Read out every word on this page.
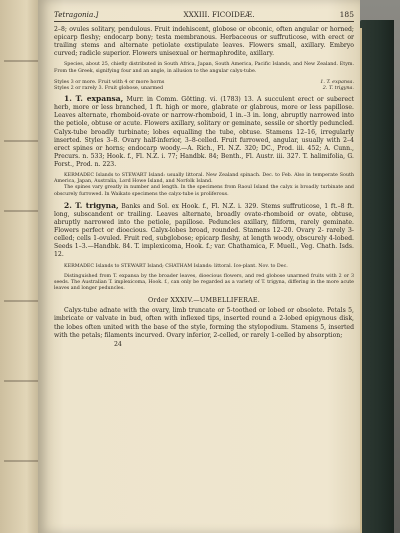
Tetragonia.]	XXXIII. FICOIDEÆ.	185

2–8; ovules solitary, pendulous. Fruit indehiscent, globose or obconic, often angular or horned; epicarp fleshy; endocarp bony; testa membranous. Herbaceous or suffruticose, with erect or trailing stems and alternate petiolate exstipulate leaves. Flowers small, axillary. Embryo curved; radicle superior. Flowers unisexual or hermaphrodite, axillary.

Species, about 25, chiefly distributed in South Africa, Japan, South America, Pacific Islands, and New Zealand. Etym. From the Greek, signifying four and an angle, in allusion to the angular calyx-tube.

Styles 3 or more. Fruit with 4 or more horns	1. T. expansa.
Styles 2 or rarely 3. Fruit globose, unarmed	2. T. trigyna.

1. T. expansa, Murr. in Comm. Götting. vi. (1783) 13. A succulent erect or suberect herb, more or less branched, 1 ft. high or more, glabrate or glabrous, more or less papillose. Leaves alternate, rhomboid-ovate or narrow-rhomboid, 1 in.–3 in. long, abruptly narrowed into the petiole, obtuse or acute. Flowers axillary, solitary or geminate, sessile or shortly peduncled. Calyx-tube broadly turbinate; lobes equalling the tube, obtuse. Stamens 12–16, irregularly inserted. Styles 3–8. Ovary half-inferior, 3–8-celled. Fruit furrowed, angular, usually with 2–4 erect spines or horns; endocarp woody.—A. Rich., Fl. N.Z. 320; DC., Prod. iii. 452; A. Cunn., Precurs. n. 533; Hook. f., Fl. N.Z. i. 77; Handbk. 84; Benth., Fl. Austr. iii. 327. T. halimifolia, G. Forst., Prod. n. 223.

KERMADEC Islands to STEWART Island: usually littoral. New Zealand spinach. Dec. to Feb. Also in temperate South America, Japan, Australia, Lord Howe Island, and Norfolk Island.

The spines vary greatly in number and length. In the specimens from Raoul Island the calyx is broadly turbinate and obscurely furrowed. In Waikato specimens the calyx-tube is proliferous.

2. T. trigyna, Banks and Sol. ex Hook. f., Fl. N.Z. i. 329. Stems suffruticose, 1 ft.–8 ft. long, subscandent or trailing. Leaves alternate, broadly ovate-rhomboid or ovate, obtuse, abruptly narrowed into the petiole, papillose. Peduncles axillary, filiform, rarely geminate. Flowers perfect or dioecious. Calyx-lobes broad, rounded. Stamens 12–20. Ovary 2- rarely 3-celled; cells 1-ovuled. Fruit red, subglobose; epicarp fleshy, at length woody, obscurely 4-lobed. Seeds 1–3.—Handbk. 84. T. implexicoma, Hook. f.; var. Chathamica, F. Muell., Veg. Chath. Isds. 12.

KERMADEC Islands to STEWART Island; CHATHAM Islands: littoral. Ice-plant. Nov. to Dec.

Distinguished from T. expansa by the broader leaves, dioecious flowers, and red globose unarmed fruits with 2 or 3 seeds. The Australian T. implexicoma, Hook. f., can only be regarded as a variety of T. trigyna, differing in the more acute leaves and longer peduncles.

Order XXXIV.—UMBELLIFERAE.

Calyx-tube adnate with the ovary, limb truncate or 5-toothed or lobed or obsolete. Petals 5, imbricate or valvate in bud, often with inflexed tips, inserted round a 2-lobed epigynous disk, the lobes often united with the base of the style, forming the stylopodium. Stamens 5, inserted with the petals; filaments incurved. Ovary inferior, 2-celled, or rarely 1-celled by absorption;

24
